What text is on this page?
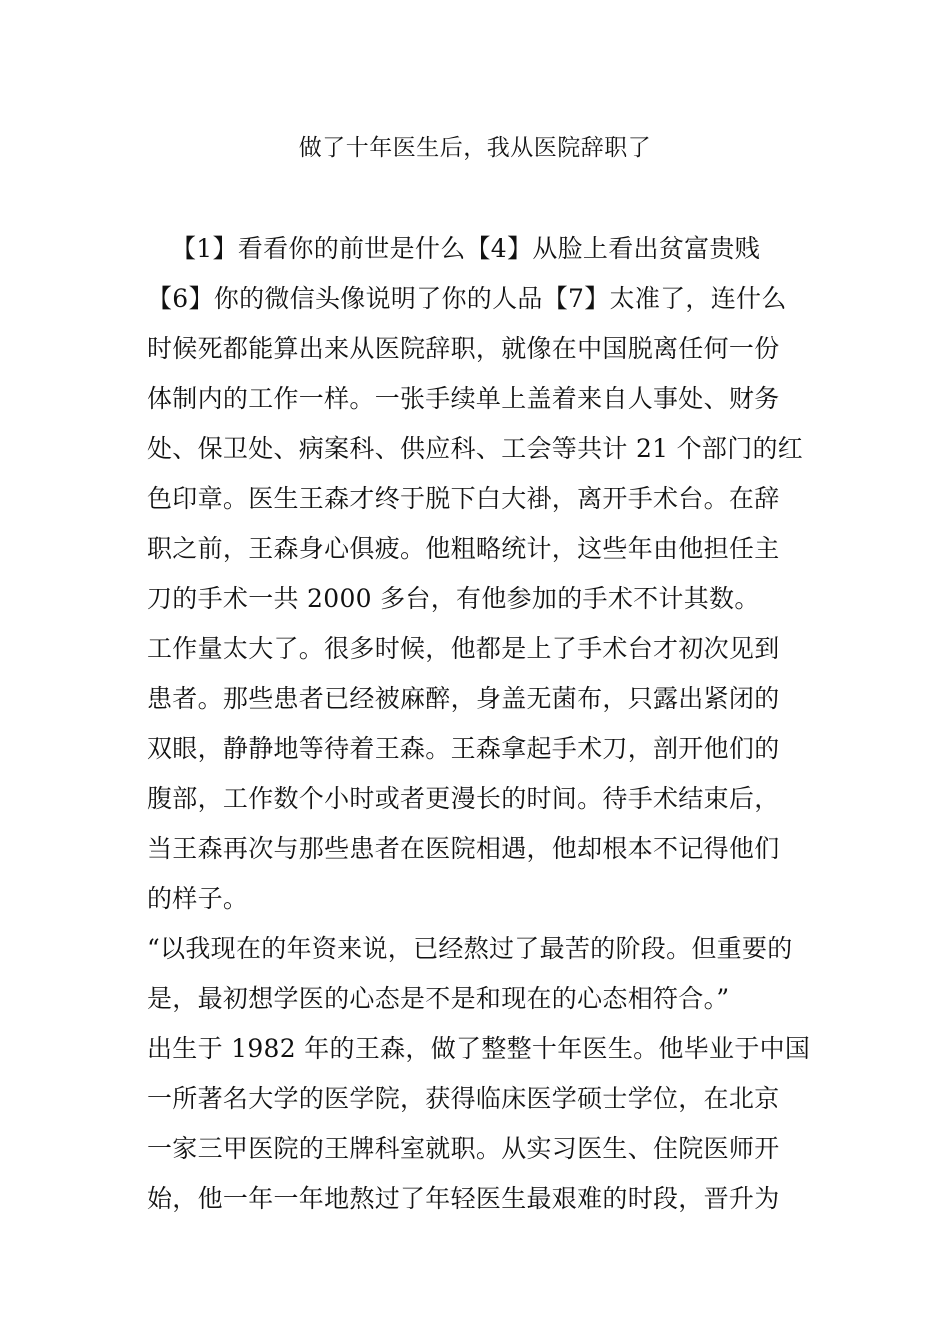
做了十年医生后，我从医院辞职了
【1】看看你的前世是什么【4】从脸上看出贫富贵贱
【6】你的微信头像说明了你的人品【7】太准了，连什么
时候死都能算出来从医院辞职，就像在中国脱离任何一份
体制内的工作一样。一张手续单上盖着来自人事处、财务
处、保卫处、病案科、供应科、工会等共计 21 个部门的红
色印章。医生王森才终于脱下白大褂，离开手术台。在辞
职之前，王森身心俱疲。他粗略统计，这些年由他担任主
刀的手术一共 2000 多台，有他参加的手术不计其数。
工作量太大了。很多时候，他都是上了手术台才初次见到
患者。那些患者已经被麻醉，身盖无菌布，只露出紧闭的
双眼，静静地等待着王森。王森拿起手术刀，剖开他们的
腹部，工作数个小时或者更漫长的时间。待手术结束后，
当王森再次与那些患者在医院相遇，他却根本不记得他们
的样子。
“以我现在的年资来说，已经熬过了最苦的阶段。但重要的
是，最初想学医的心态是不是和现在的心态相符合。”
出生于 1982 年的王森，做了整整十年医生。他毕业于中国
一所著名大学的医学院，获得临床医学硕士学位，在北京
一家三甲医院的王牌科室就职。从实习医生、住院医师开
始，他一年一年地熬过了年轻医生最艰难的时段，晋升为
